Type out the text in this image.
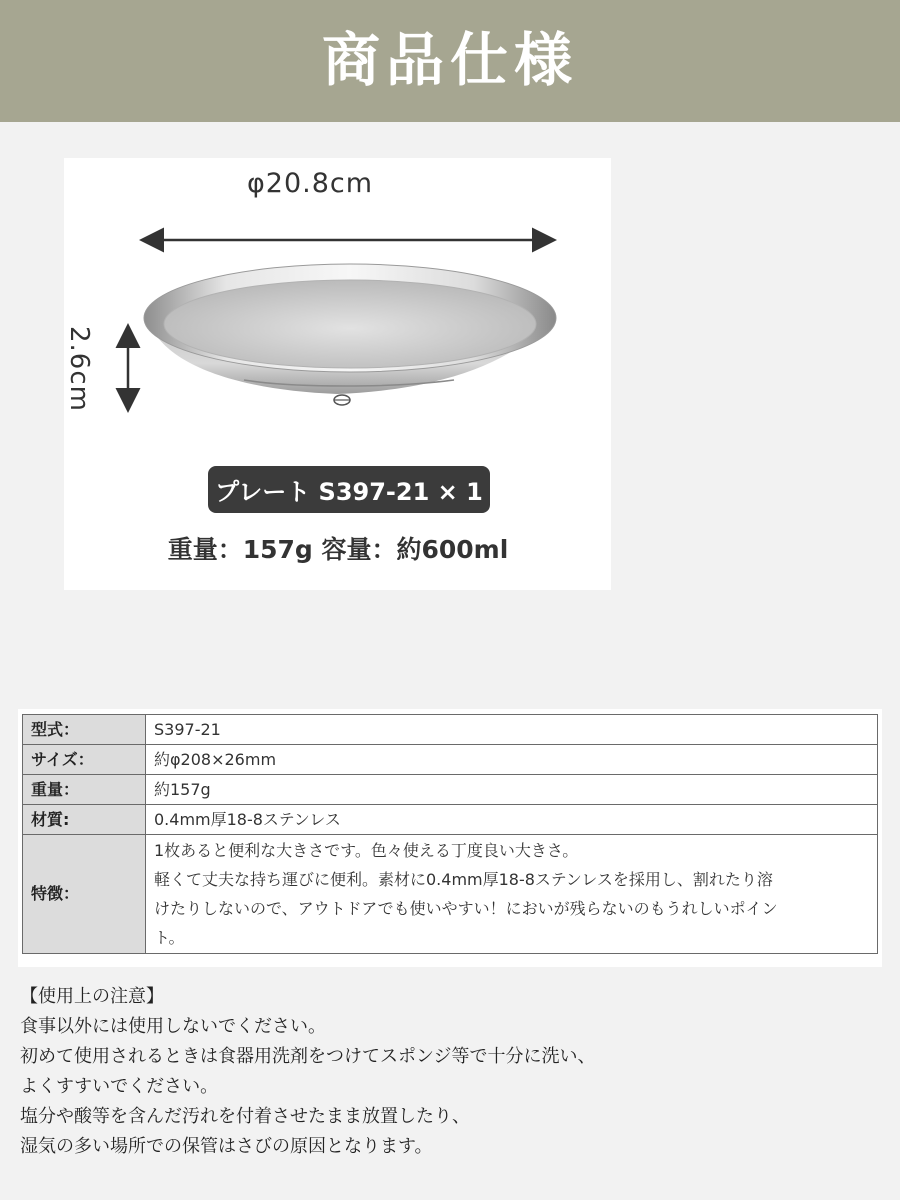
商品仕様
φ20.8cm
2.6cm
プレート S397-21 × 1
重量：157g 容量：約600ml
型式：	S397-21
サイズ：	約φ208×26mm
重量：	約157g
材質:	0.4mm厚18-8ステンレス
特徴：	1枚あると便利な大きさです。色々使える丁度良い大きさ。

軽くて丈夫な持ち運びに便利。素材に0.4mm厚18-8ステンレスを採用し、割れたり溶

けたりしないので、アウトドアでも使いやすい！においが残らないのもうれしいポイン

ト。

【使用上の注意】
食事以外には使用しないでください。
初めて使用されるときは食器用洗剤をつけてスポンジ等で十分に洗い、
よくすすいでください。
塩分や酸等を含んだ汚れを付着させたまま放置したり、
湿気の多い場所での保管はさびの原因となります。
